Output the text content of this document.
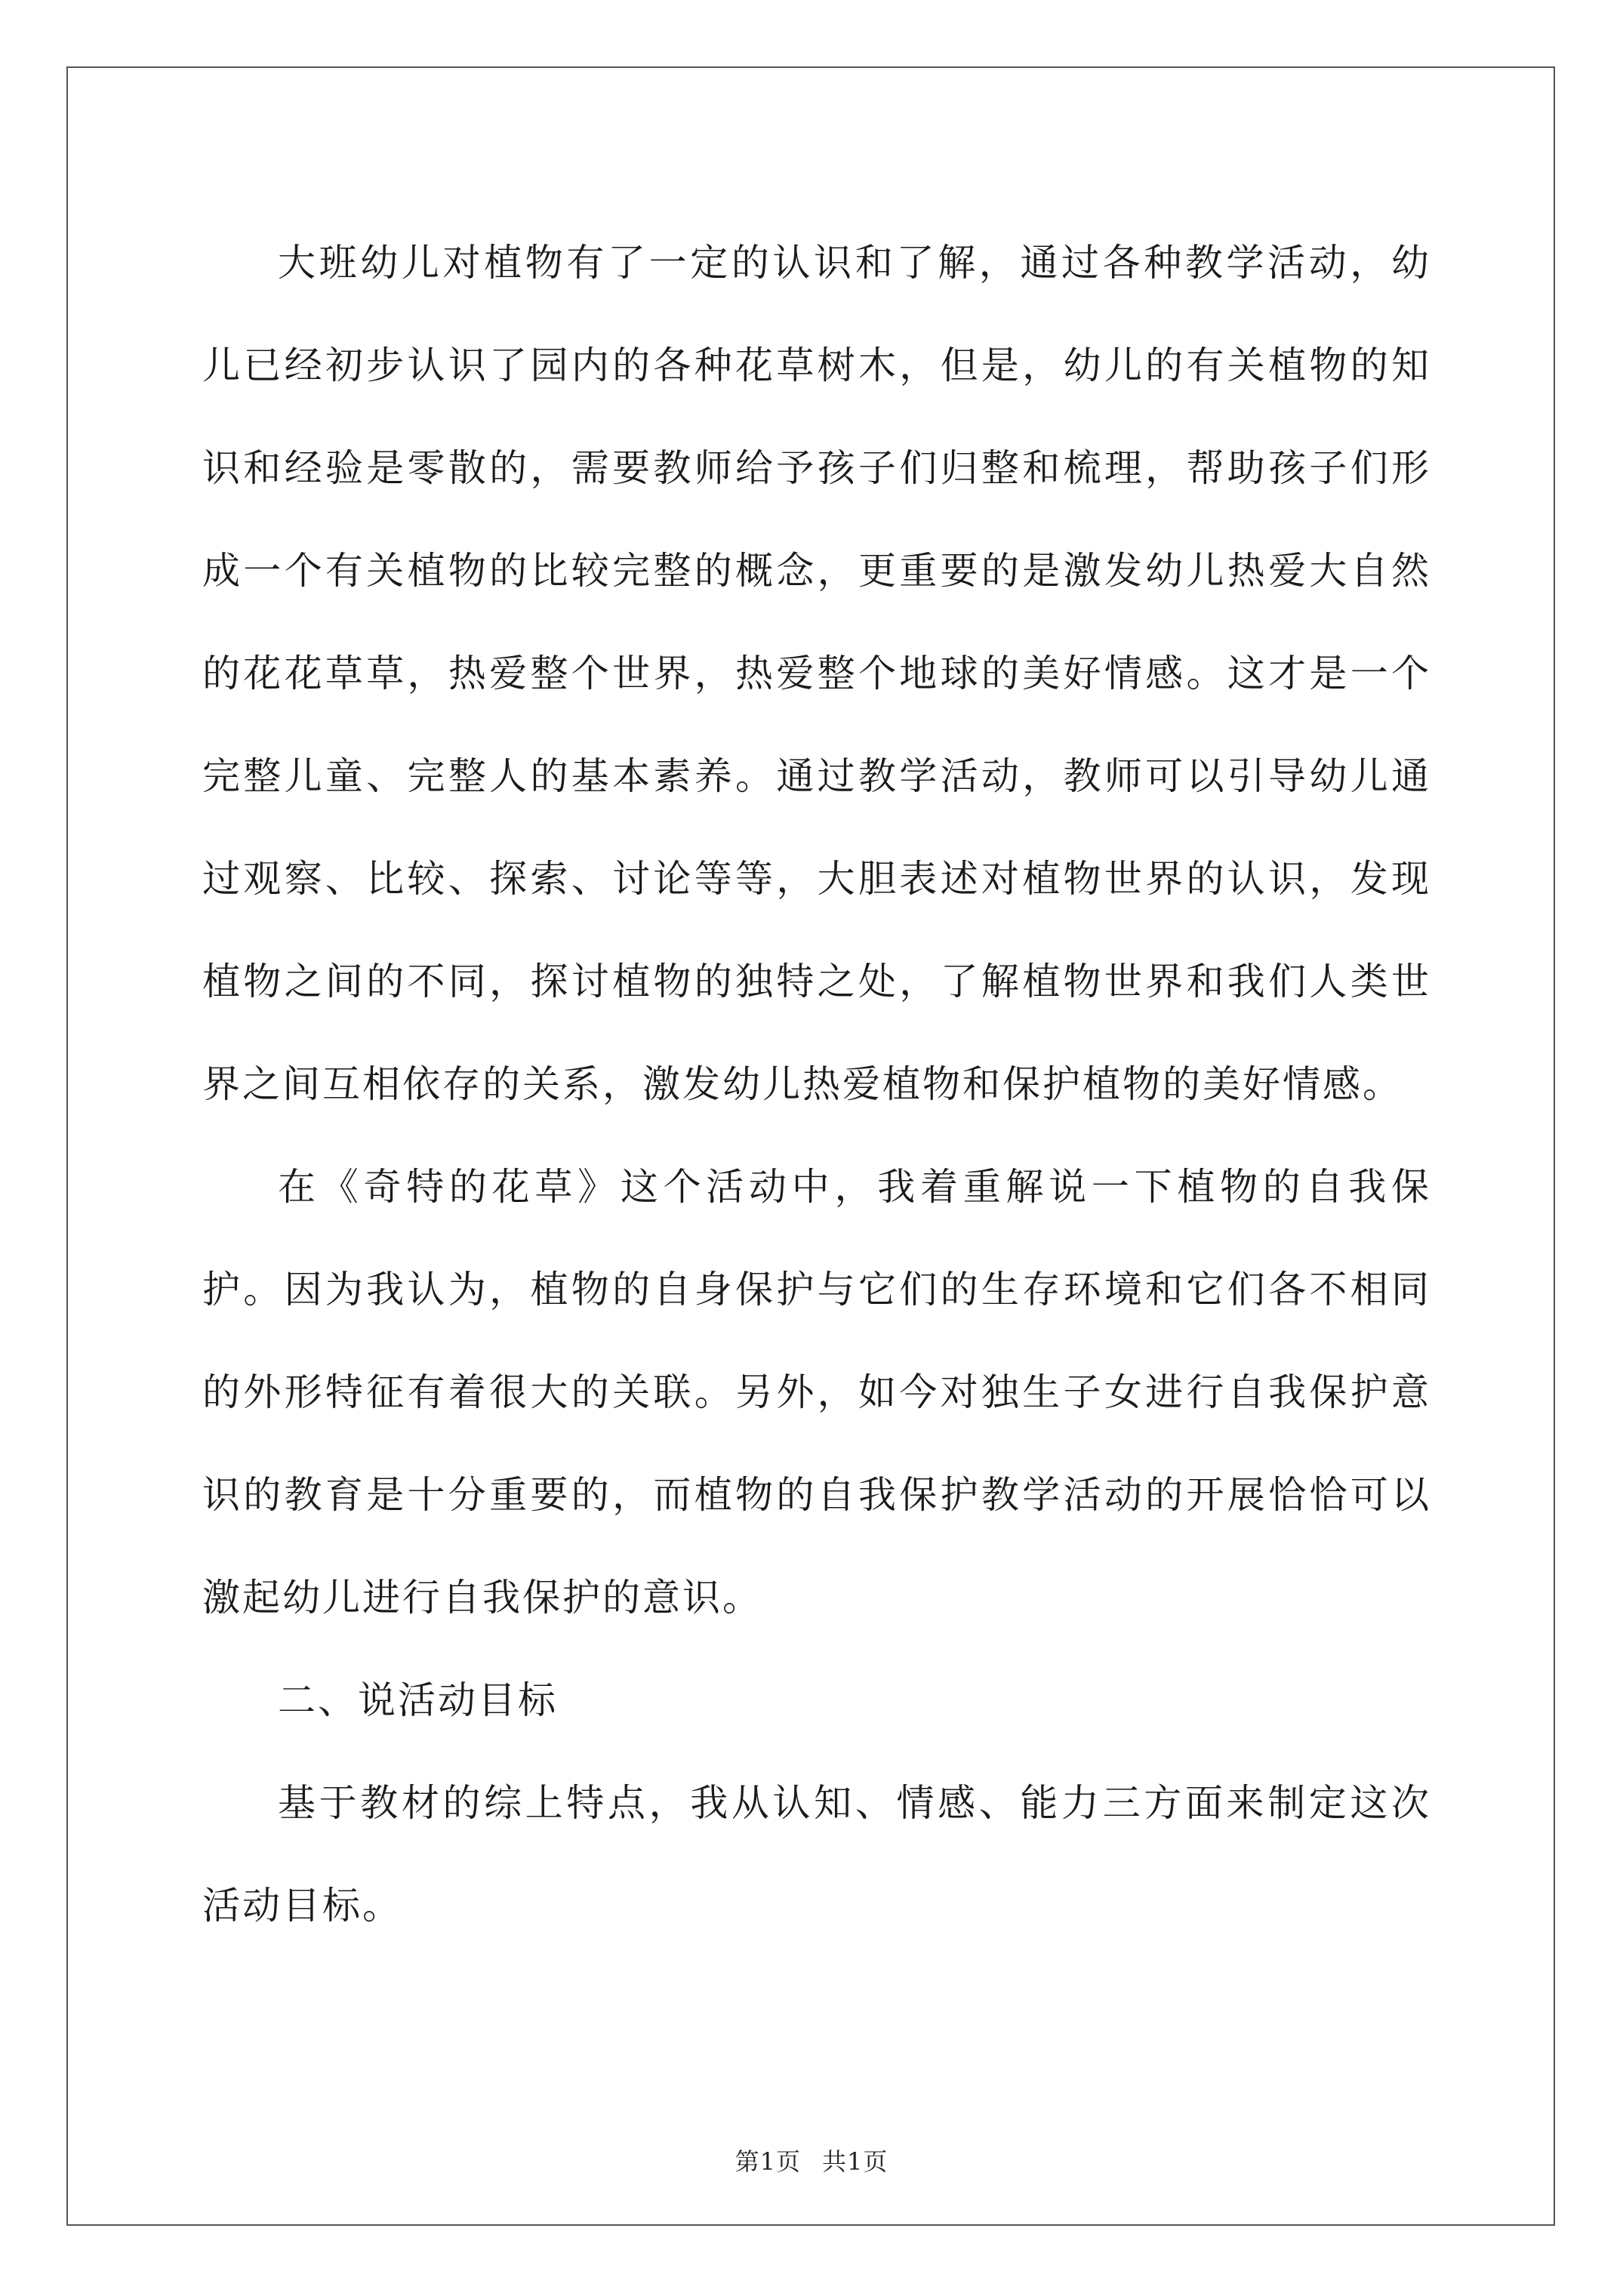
大班幼儿对植物有了一定的认识和了解，通过各种教学活动，幼儿已经初步认识了园内的各种花草树木，但是，幼儿的有关植物的知识和经验是零散的，需要教师给予孩子们归整和梳理，帮助孩子们形成一个有关植物的比较完整的概念，更重要的是激发幼儿热爱大自然的花花草草，热爱整个世界，热爱整个地球的美好情感。这才是一个完整儿童、完整人的基本素养。通过教学活动，教师可以引导幼儿通过观察、比较、探索、讨论等等，大胆表述对植物世界的认识，发现植物之间的不同，探讨植物的独特之处，了解植物世界和我们人类世界之间互相依存的关系，激发幼儿热爱植物和保护植物的美好情感。

在《奇特的花草》这个活动中，我着重解说一下植物的自我保护。因为我认为，植物的自身保护与它们的生存环境和它们各不相同的外形特征有着很大的关联。另外，如今对独生子女进行自我保护意识的教育是十分重要的，而植物的自我保护教学活动的开展恰恰可以激起幼儿进行自我保护的意识。

二、说活动目标

基于教材的综上特点，我从认知、情感、能力三方面来制定这次活动目标。

第1页 共1页
